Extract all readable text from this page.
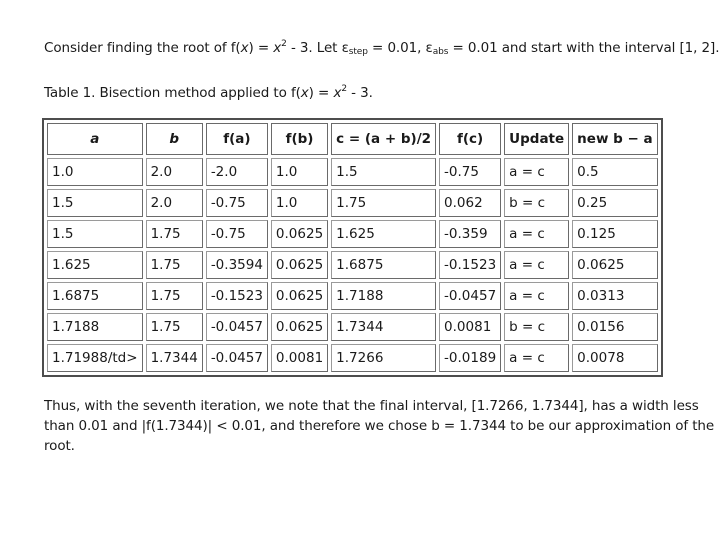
Consider finding the root of $f(x) = x^2 - 3$. Let $\varepsilon_{step} = 0.01$, $\varepsilon_{abs} = 0.01$ and start with the interval [1, 2].
Table 1. Bisection method applied to $f(x) = x^2 - 3$.
a	b	f(a)	f(b)	c = (a + b)/2	f(c)	Update	new b − a
1.0	2.0	-2.0	1.0	1.5	-0.75	a = c	0.5
1.5	2.0	-0.75	1.0	1.75	0.062	b = c	0.25
1.5	1.75	-0.75	0.0625	1.625	-0.359	a = c	0.125
1.625	1.75	-0.3594	0.0625	1.6875	-0.1523	a = c	0.0625
1.6875	1.75	-0.1523	0.0625	1.7188	-0.0457	a = c	0.0313
1.7188	1.75	-0.0457	0.0625	1.7344	0.0081	b = c	0.0156
1.71988/td>	1.7344	-0.0457	0.0081	1.7266	-0.0189	a = c	0.0078
Thus, with the seventh iteration, we note that the final interval, [1.7266, 1.7344], has a width less than 0.01 and |f(1.7344)| < 0.01, and therefore we chose b = 1.7344 to be our approximation of the root.
